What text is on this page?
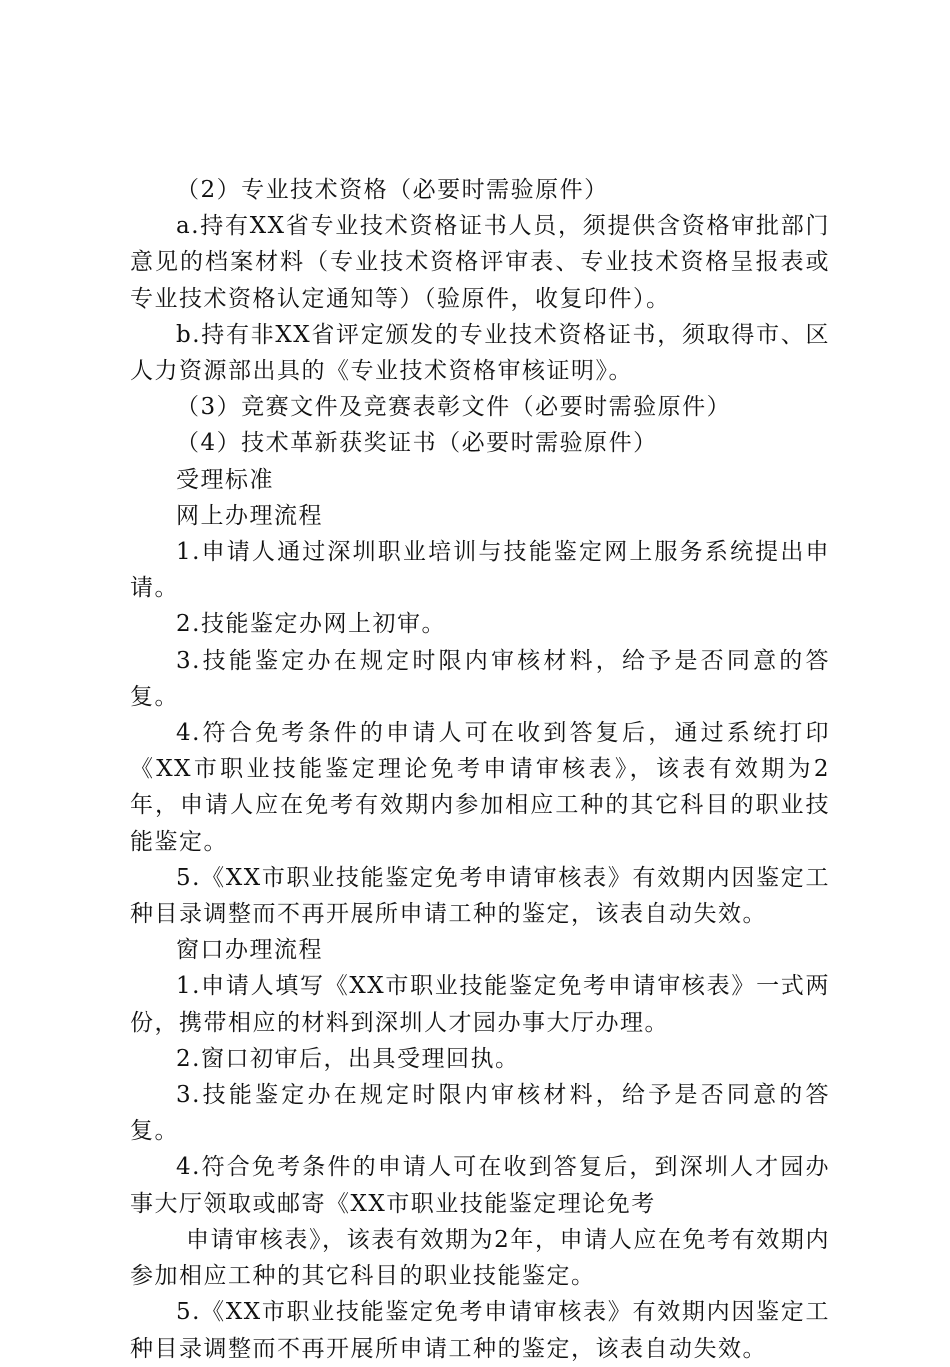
（2）专业技术资格（必要时需验原件）

a.持有XX省专业技术资格证书人员，须提供含资格审批部门意见的档案材料（专业技术资格评审表、专业技术资格呈报表或专业技术资格认定通知等）（验原件，收复印件）。

b.持有非XX省评定颁发的专业技术资格证书，须取得市、区人力资源部出具的《专业技术资格审核证明》。

（3）竞赛文件及竞赛表彰文件（必要时需验原件）

（4）技术革新获奖证书（必要时需验原件）

受理标准

网上办理流程

1.申请人通过深圳职业培训与技能鉴定网上服务系统提出申请。

2.技能鉴定办网上初审。

3.技能鉴定办在规定时限内审核材料，给予是否同意的答复。

4.符合免考条件的申请人可在收到答复后，通过系统打印《XX市职业技能鉴定理论免考申请审核表》，该表有效期为2年，申请人应在免考有效期内参加相应工种的其它科目的职业技能鉴定。

5.《XX市职业技能鉴定免考申请审核表》有效期内因鉴定工种目录调整而不再开展所申请工种的鉴定，该表自动失效。

窗口办理流程

1.申请人填写《XX市职业技能鉴定免考申请审核表》一式两份，携带相应的材料到深圳人才园办事大厅办理。

2.窗口初审后，出具受理回执。

3.技能鉴定办在规定时限内审核材料，给予是否同意的答复。

4.符合免考条件的申请人可在收到答复后，到深圳人才园办事大厅领取或邮寄《XX市职业技能鉴定理论免考

申请审核表》，该表有效期为2年，申请人应在免考有效期内参加相应工种的其它科目的职业技能鉴定。

5.《XX市职业技能鉴定免考申请审核表》有效期内因鉴定工种目录调整而不再开展所申请工种的鉴定，该表自动失效。
